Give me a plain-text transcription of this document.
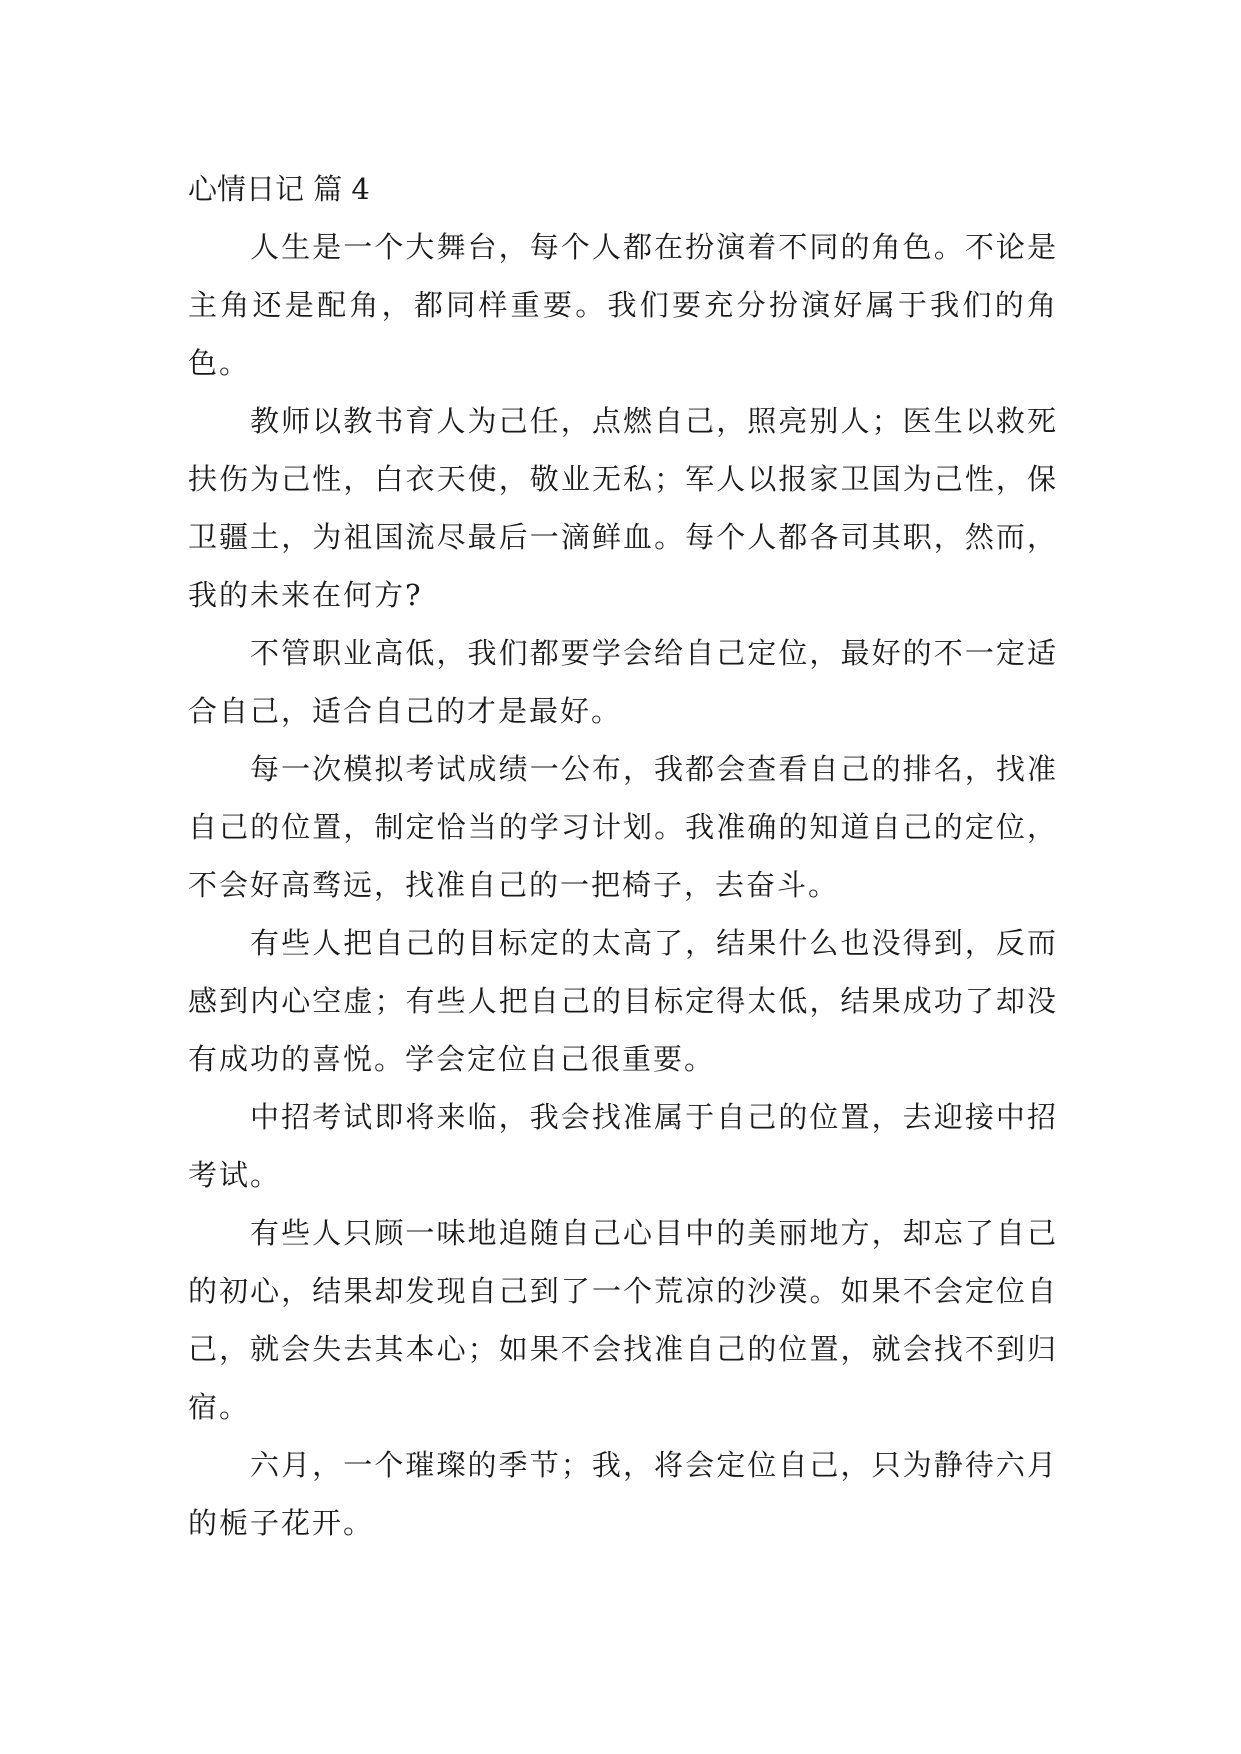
心情日记 篇 4

人生是一个大舞台，每个人都在扮演着不同的角色。不论是主角还是配角，都同样重要。我们要充分扮演好属于我们的角色。

教师以教书育人为己任，点燃自己，照亮别人；医生以救死扶伤为己性，白衣天使，敬业无私；军人以报家卫国为己性，保卫疆土，为祖国流尽最后一滴鲜血。每个人都各司其职，然而，我的未来在何方?

不管职业高低，我们都要学会给自己定位，最好的不一定适合自己，适合自己的才是最好。

每一次模拟考试成绩一公布，我都会查看自己的排名，找准自己的位置，制定恰当的学习计划。我准确的知道自己的定位，不会好高骛远，找准自己的一把椅子，去奋斗。

有些人把自己的目标定的太高了，结果什么也没得到，反而感到内心空虚；有些人把自己的目标定得太低，结果成功了却没有成功的喜悦。学会定位自己很重要。

中招考试即将来临，我会找准属于自己的位置，去迎接中招考试。

有些人只顾一味地追随自己心目中的美丽地方，却忘了自己的初心，结果却发现自己到了一个荒凉的沙漠。如果不会定位自己，就会失去其本心；如果不会找准自己的位置，就会找不到归宿。

六月，一个璀璨的季节；我，将会定位自己，只为静待六月的栀子花开。
